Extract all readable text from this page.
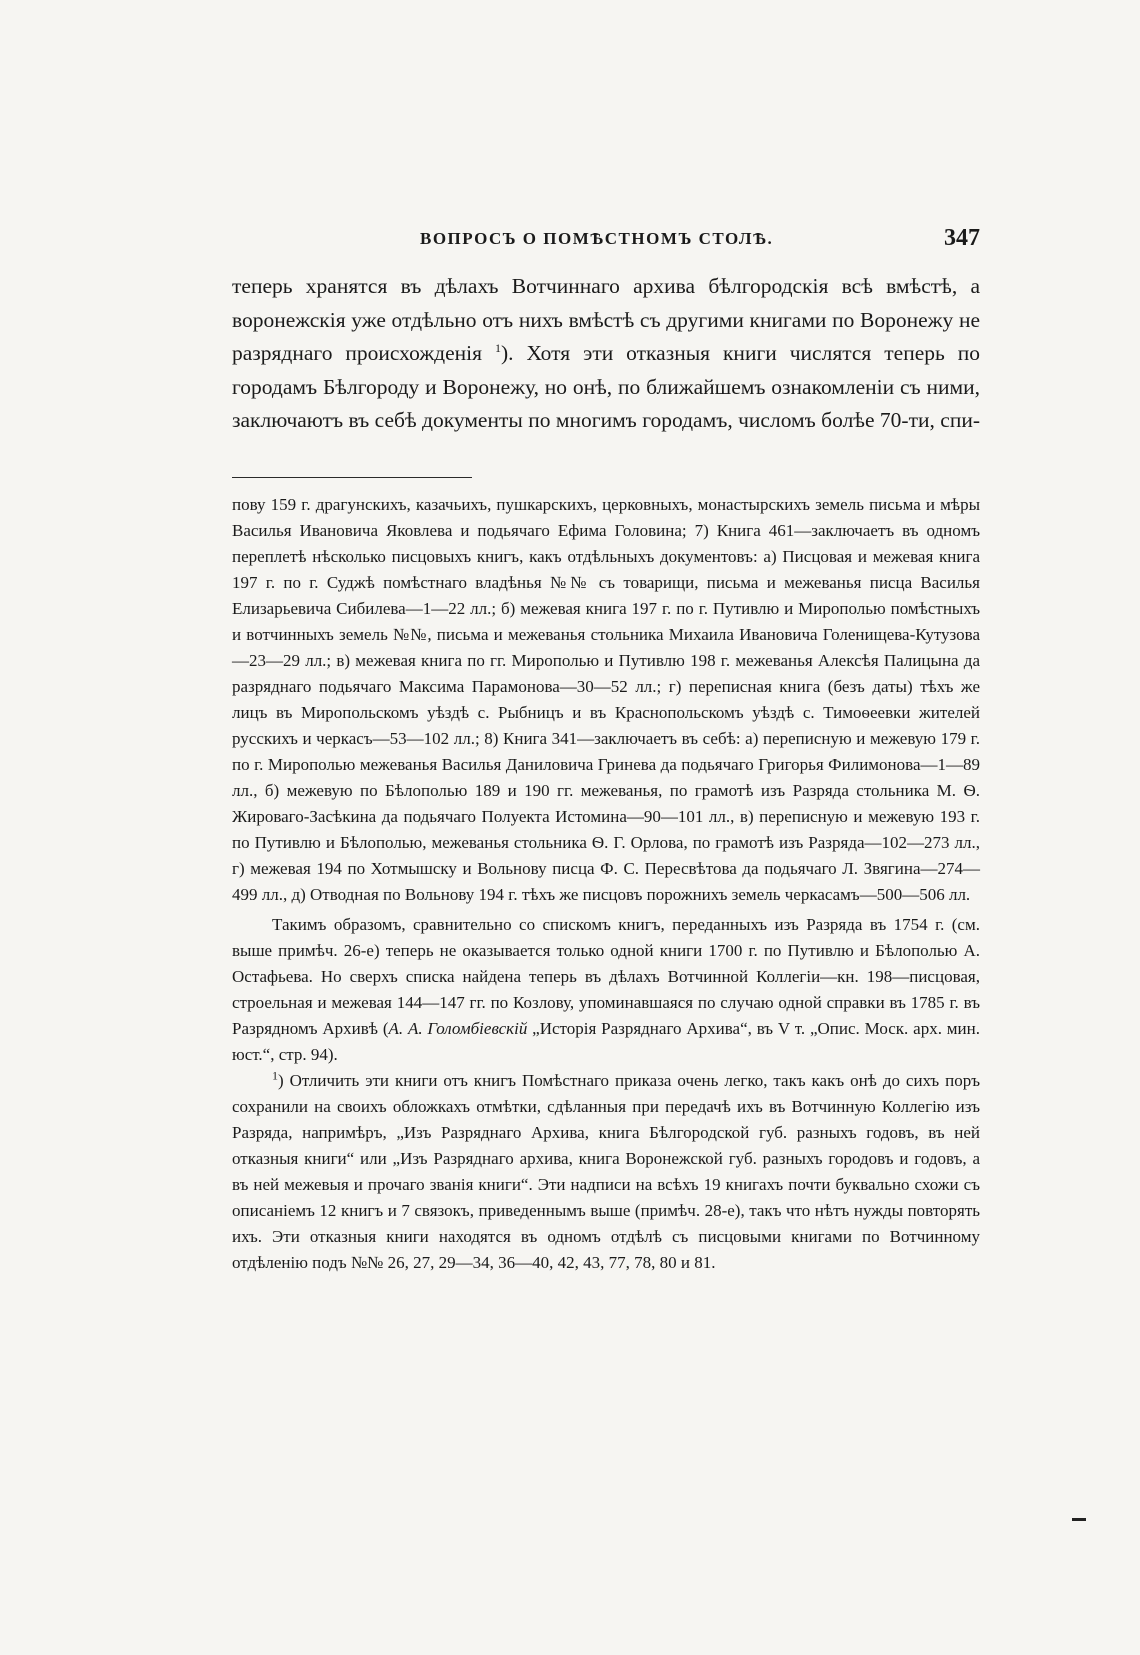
ВОПРОСЪ О ПОМѢСТНОМЪ СТОЛѢ.	347

теперь хранятся въ дѣлахъ Вотчиннаго архива бѣлгородскія всѣ вмѣстѣ, а воронежскія уже отдѣльно отъ нихъ вмѣстѣ съ другими книгами по Воронежу не разряднаго происхожденія $^1$). Хотя эти отказныя книги числятся теперь по городамъ Бѣлгороду и Воронежу, но онѣ, по ближайшемъ ознакомленіи съ ними, заключаютъ въ себѣ документы по многимъ городамъ, числомъ болѣе 70-ти, спи-

пову 159 г. драгунскихъ, казачьихъ, пушкарскихъ, церковныхъ, монастырскихъ земель письма и мѣры Василья Ивановича Яковлева и подьячаго Ефима Головина; 7) Книга 461—заключаетъ въ одномъ переплетѣ нѣсколько писцовыхъ книгъ, какъ отдѣльныхъ документовъ: а) Писцовая и межевая книга 197 г. по г. Суджѣ помѣстнаго владѣнья №№ съ товарищи, письма и межеванья писца Василья Елизарьевича Сибилева—1—22 лл.; б) межевая книга 197 г. по г. Путивлю и Мирополью помѣстныхъ и вотчинныхъ земель №№, письма и межеванья стольника Михаила Ивановича Голенищева-Кутузова—23—29 лл.; в) межевая книга по гг. Мирополью и Путивлю 198 г. межеванья Алексѣя Палицына да разряднаго подьячаго Максима Парамонова—30—52 лл.; г) переписная книга (безъ даты) тѣхъ же лицъ въ Миропольскомъ уѣздѣ с. Рыбницъ и въ Краснопольскомъ уѣздѣ с. Тимоѳеевки жителей русскихъ и черкасъ—53—102 лл.; 8) Книга 341—заключаетъ въ себѣ: а) переписную и межевую 179 г. по г. Мирополью межеванья Василья Даниловича Гринева да подьячаго Григорья Филимонова—1—89 лл., б) межевую по Бѣлополью 189 и 190 гг. межеванья, по грамотѣ изъ Разряда стольника М. Ѳ. Жироваго-Засѣкина да подьячаго Полуекта Истомина—90—101 лл., в) переписную и межевую 193 г. по Путивлю и Бѣлополью, межеванья стольника Ѳ. Г. Орлова, по грамотѣ изъ Разряда—102—273 лл., г) межевая 194 по Хотмышску и Вольнову писца Ф. С. Пересвѣтова да подьячаго Л. Звягина—274—499 лл., д) Отводная по Вольнову 194 г. тѣхъ же писцовъ порожнихъ земель черкасамъ—500—506 лл.

Такимъ образомъ, сравнительно со спискомъ книгъ, переданныхъ изъ Разряда въ 1754 г. (см. выше примѣч. 26-е) теперь не оказывается только одной книги 1700 г. по Путивлю и Бѣлополью А. Остафьева. Но сверхъ списка найдена теперь въ дѣлахъ Вотчинной Коллегіи—кн. 198—писцовая, строельная и межевая 144—147 гг. по Козлову, упоминавшаяся по случаю одной справки въ 1785 г. въ Разрядномъ Архивѣ (А. А. Голомбіевскій „Исторія Разряднаго Архива“, въ V т. „Опис. Моск. арх. мин. юст.“, стр. 94).

$^1$) Отличить эти книги отъ книгъ Помѣстнаго приказа очень легко, такъ какъ онѣ до сихъ поръ сохранили на своихъ обложкахъ отмѣтки, сдѣланныя при передачѣ ихъ въ Вотчинную Коллегію изъ Разряда, напримѣръ, „Изъ Разряднаго Архива, книга Бѣлгородской губ. разныхъ годовъ, въ ней отказныя книги“ или „Изъ Разряднаго архива, книга Воронежской губ. разныхъ городовъ и годовъ, а въ ней межевыя и прочаго званія книги“. Эти надписи на всѣхъ 19 книгахъ почти буквально схожи съ описаніемъ 12 книгъ и 7 связокъ, приведеннымъ выше (примѣч. 28-е), такъ что нѣтъ нужды повторять ихъ. Эти отказныя книги находятся въ одномъ отдѣлѣ съ писцовыми книгами по Вотчинному отдѣленію подъ №№ 26, 27, 29—34, 36—40, 42, 43, 77, 78, 80 и 81.
